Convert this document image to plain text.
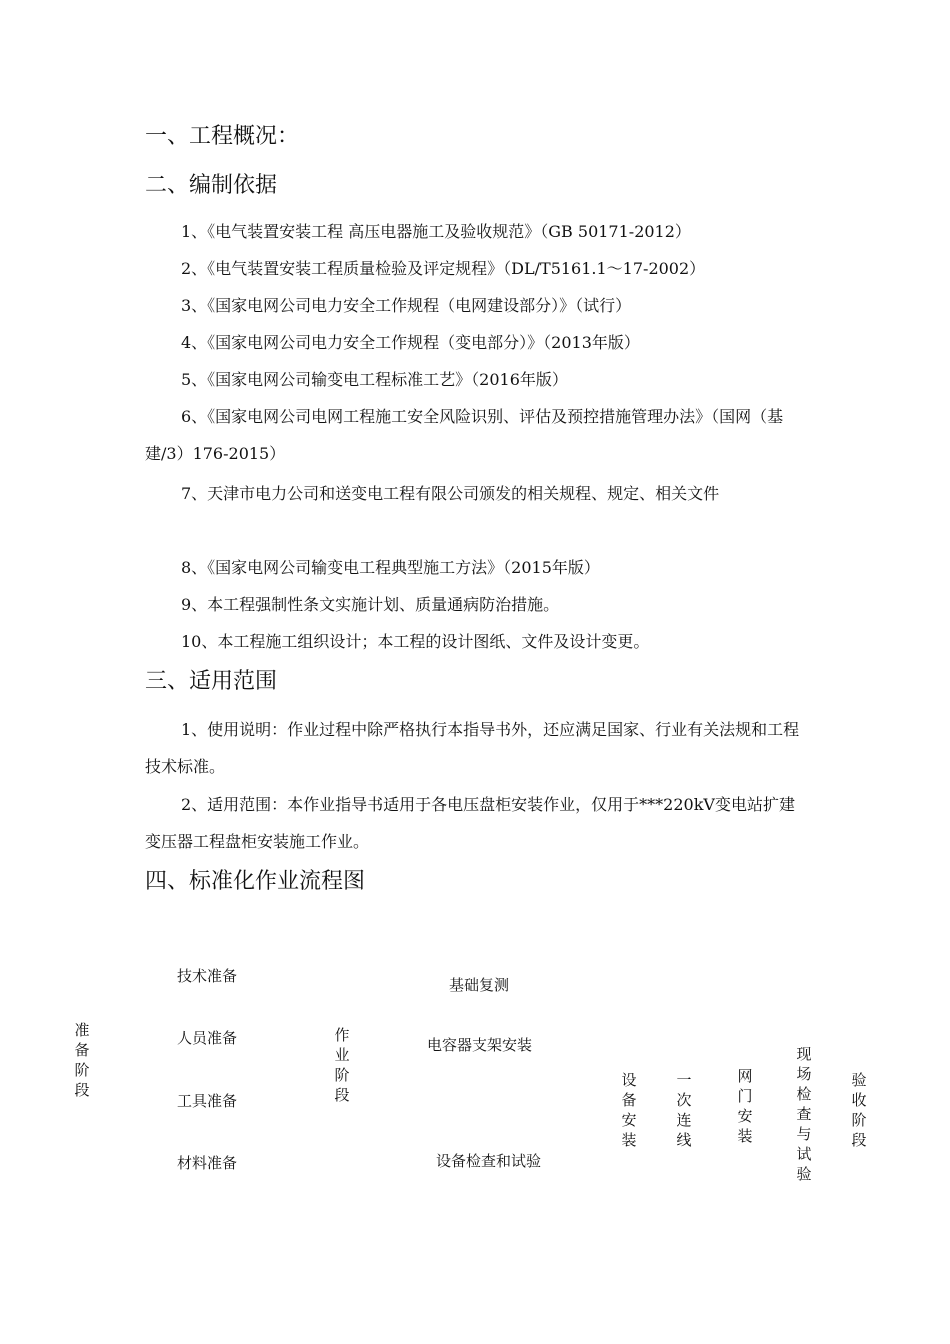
一、工程概况：
二、编制依据
1、《电气装置安装工程 高压电器施工及验收规范》（GB 50171-2012）
2、《电气装置安装工程质量检验及评定规程》（DL/T5161.1～17-2002）
3、《国家电网公司电力安全工作规程（电网建设部分）》（试行）
4、《国家电网公司电力安全工作规程（变电部分）》（2013年版）
5、《国家电网公司输变电工程标准工艺》（2016年版）
6、《国家电网公司电网工程施工安全风险识别、评估及预控措施管理办法》（国网（基建/3）176-2015）
7、天津市电力公司和送变电工程有限公司颁发的相关规程、规定、相关文件
8、《国家电网公司输变电工程典型施工方法》（2015年版）
9、本工程强制性条文实施计划、质量通病防治措施。
10、本工程施工组织设计；本工程的设计图纸、文件及设计变更。
三、适用范围
1、使用说明：作业过程中除严格执行本指导书外，还应满足国家、行业有关法规和工程技术标准。
2、适用范围：本作业指导书适用于各电压盘柜安装作业，仅用于***220kV变电站扩建变压器工程盘柜安装施工作业。
四、标准化作业流程图
准备阶段
技术准备
人员准备
工具准备
材料准备
作业阶段
基础复测
电容器支架安装
设备检查和试验
设备安装
一次连线
网门安装
现场检查与试验
验收阶段
